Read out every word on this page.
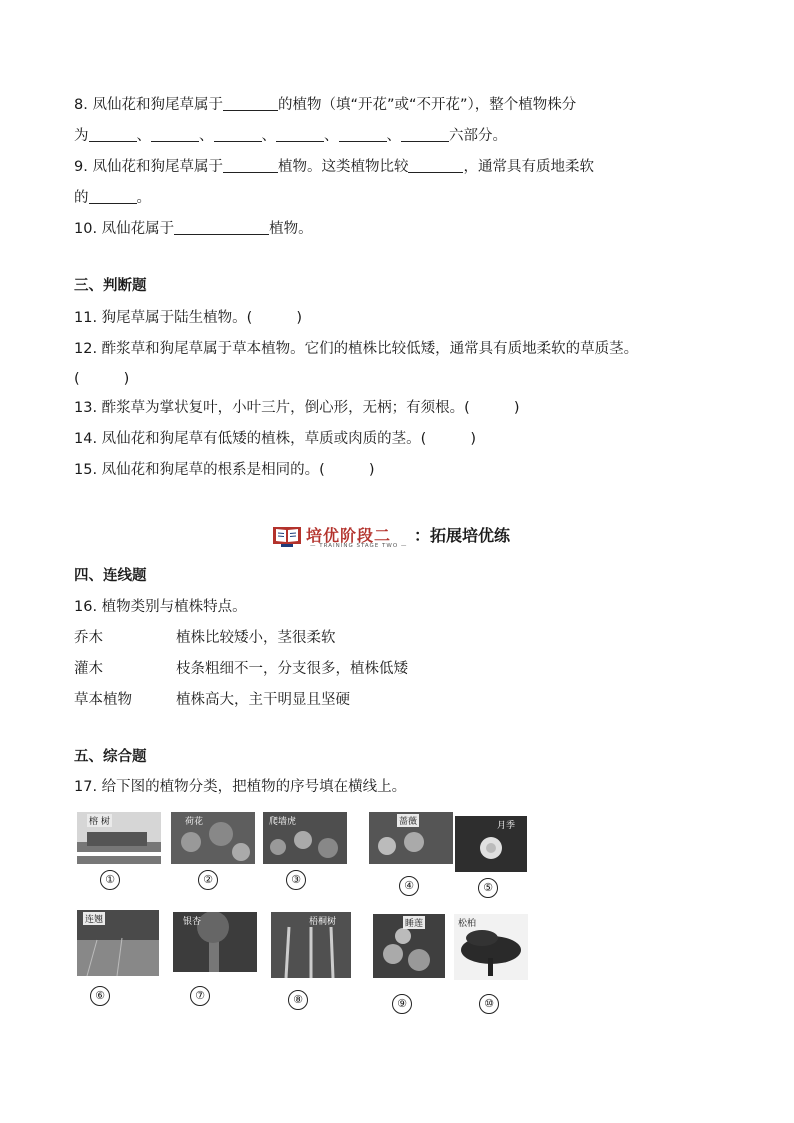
8. 凤仙花和狗尾草属于	的植物（填“开花”或“不开花”），整个植物株分
为	、	、	、	、	、	六部分。
9. 凤仙花和狗尾草属于	植物。这类植物比较	，通常具有质地柔软
的	。
10. 凤仙花属于	植物。
三、判断题
11. 狗尾草属于陆生植物。(	)
12. 酢浆草和狗尾草属于草本植物。它们的植株比较低矮，通常具有质地柔软的草质茎。
(	)
13. 酢浆草为掌状复叶，小叶三片，倒心形，无柄；有须根。(	)
14. 凤仙花和狗尾草有低矮的植株，草质或肉质的茎。(	)
15. 凤仙花和狗尾草的根系是相同的。(	)
培优阶段二
— TRAINING STAGE TWO —
： 拓展培优练
四、连线题
16. 植物类别与植株特点。
乔木	植株比较矮小，茎很柔软
灌木	枝条粗细不一，分支很多，植株低矮
草本植物	植株高大，主干明显且坚硬
五、综合题
17. 给下图的植物分类，把植物的序号填在横线上。
榕 树
①
荷花
②
爬墙虎
③
蔷薇
④
月季
⑤
连翘
⑥
银杏
⑦
梧桐树
⑧
睡莲
⑨
松柏
⑩
